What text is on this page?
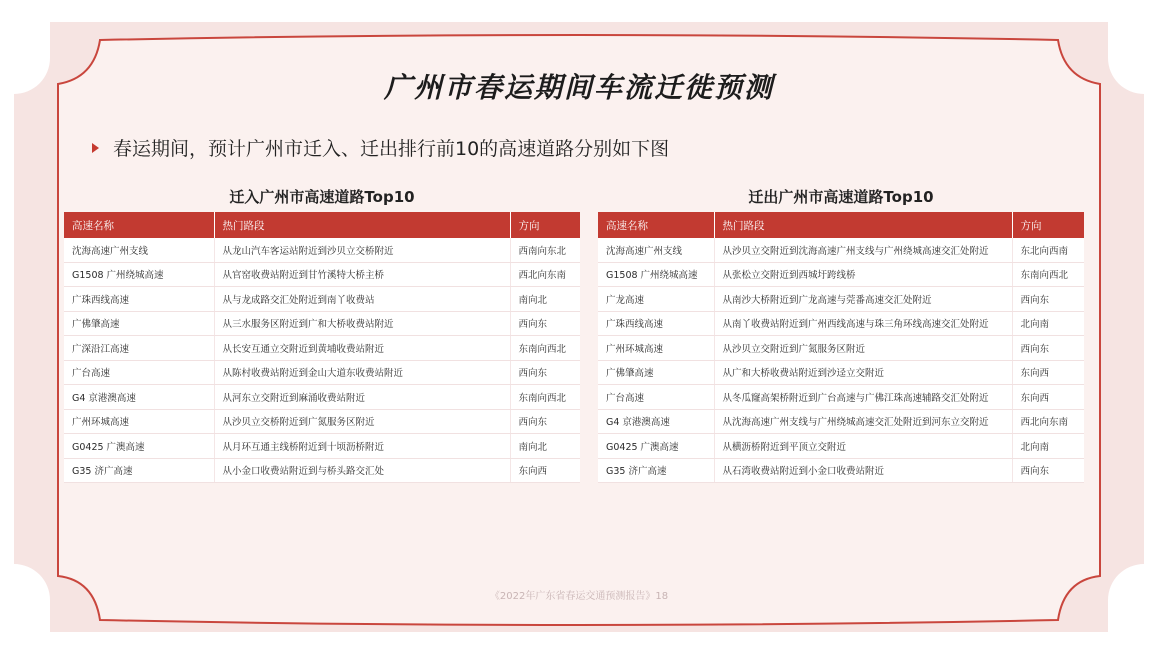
广州市春运期间车流迁徙预测
春运期间，预计广州市迁入、迁出排行前10的高速道路分别如下图
迁入广州市高速道路Top10
高速名称	热门路段	方向
沈海高速广州支线	从龙山汽车客运站附近到沙贝立交桥附近	西南向东北
G1508 广州绕城高速	从官窑收费站附近到甘竹溪特大桥主桥	西北向东南
广珠西线高速	从与龙成路交汇处附近到南丫收费站	南向北
广佛肇高速	从三水服务区附近到广和大桥收费站附近	西向东
广深沿江高速	从长安互通立交附近到黄埔收费站附近	东南向西北
广台高速	从陈村收费站附近到金山大道东收费站附近	西向东
G4 京港澳高速	从河东立交附近到麻涌收费站附近	东南向西北
广州环城高速	从沙贝立交桥附近到广氮服务区附近	西向东
G0425 广澳高速	从月环互通主线桥附近到十顷沥桥附近	南向北
G35 济广高速	从小金口收费站附近到与桥头路交汇处	东向西
迁出广州市高速道路Top10
高速名称	热门路段	方向
沈海高速广州支线	从沙贝立交附近到沈海高速广州支线与广州绕城高速交汇处附近	东北向西南
G1508 广州绕城高速	从张松立交附近到西城圩跨线桥	东南向西北
广龙高速	从南沙大桥附近到广龙高速与莞番高速交汇处附近	西向东
广珠西线高速	从南丫收费站附近到广州西线高速与珠三角环线高速交汇处附近	北向南
广州环城高速	从沙贝立交附近到广氮服务区附近	西向东
广佛肇高速	从广和大桥收费站附近到沙迳立交附近	东向西
广台高速	从冬瓜窿高架桥附近到广台高速与广佛江珠高速辅路交汇处附近	东向西
G4 京港澳高速	从沈海高速广州支线与广州绕城高速交汇处附近到河东立交附近	西北向东南
G0425 广澳高速	从横沥桥附近到平顶立交附近	北向南
G35 济广高速	从石湾收费站附近到小金口收费站附近	西向东
《2022年广东省春运交通预测报告》18
